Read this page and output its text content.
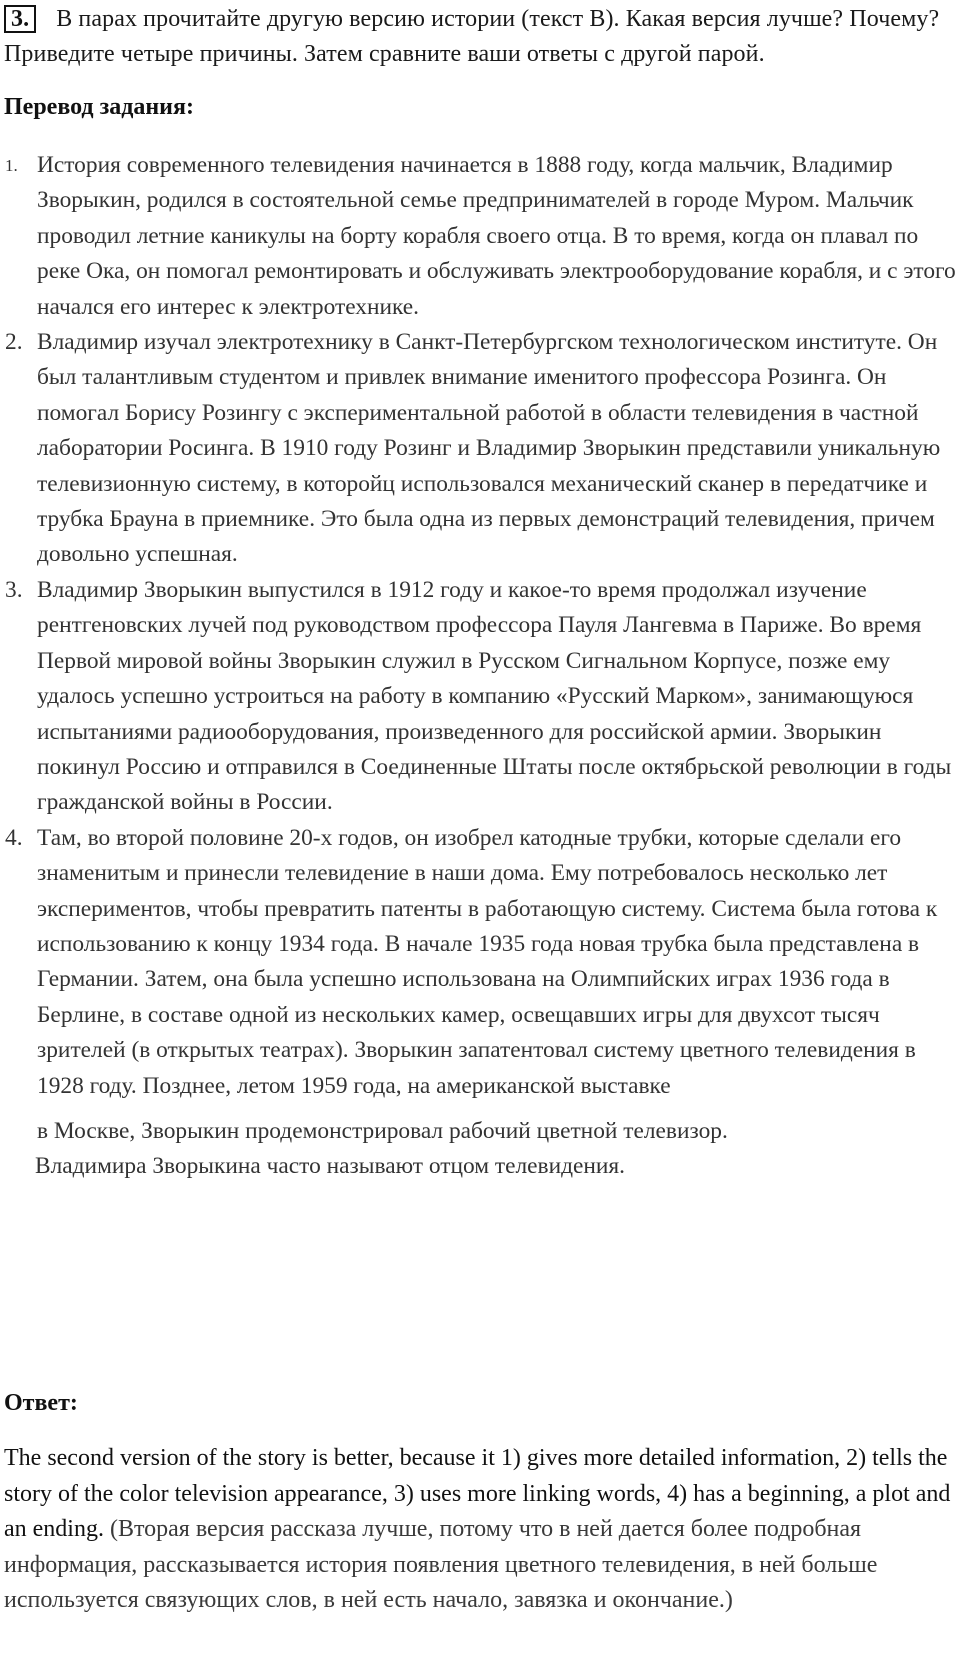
3. В парах прочитайте другую версию истории (текст В). Какая версия лучше? Почему? Приведите четыре причины. Затем сравните ваши ответы с другой парой.
Перевод задания:
1. История современного телевидения начинается в 1888 году, когда мальчик, Владимир Зворыкин, родился в состоятельной семье предпринимателей в городе Муром. Мальчик проводил летние каникулы на борту корабля своего отца. В то время, когда он плавал по реке Ока, он помогал ремонтировать и обслуживать электрооборудование корабля, и с этого начался его интерес к электротехнике.
2. Владимир изучал электротехнику в Санкт-Петербургском технологическом институте. Он был талантливым студентом и привлек внимание именитого профессора Розинга. Он помогал Борису Розингу с экспериментальной работой в области телевидения в частной лаборатории Росинга. В 1910 году Розинг и Владимир Зворыкин представили уникальную телевизионную систему, в которойц использовался механический сканер в передатчике и трубка Брауна в приемнике. Это была одна из первых демонстраций телевидения, причем довольно успешная.
3. Владимир Зворыкин выпустился в 1912 году и какое-то время продолжал изучение рентгеновских лучей под руководством профессора Пауля Лангевма в Париже. Во время Первой мировой войны Зворыкин служил в Русском Сигнальном Корпусе, позже ему удалось успешно устроиться на работу в компанию «Русский Марком», занимающуюся испытаниями радиооборудования, произведенного для российской армии. Зворыкин покинул Россию и отправился в Соединенные Штаты после октябрьской революции в годы гражданской войны в России.
4. Там, во второй половине 20-х годов, он изобрел катодные трубки, которые сделали его знаменитым и принесли телевидение в наши дома. Ему потребовалось несколько лет экспериментов, чтобы превратить патенты в работающую систему. Система была готова к использованию к концу 1934 года. В начале 1935 года новая трубка была представлена в Германии. Затем, она была успешно использована на Олимпийских играх 1936 года в Берлине, в составе одной из нескольких камер, освещавших игры для двухсот тысяч зрителей (в открытых театрах). Зворыкин запатентовал систему цветного телевидения в 1928 году. Позднее, летом 1959 года, на американской выставке
в Москве, Зворыкин продемонстрировал рабочий цветной телевизор.
Владимира Зворыкина часто называют отцом телевидения.
Ответ:
The second version of the story is better, because it 1) gives more detailed information, 2) tells the story of the color television appearance, 3) uses more linking words, 4) has a beginning, a plot and an ending. (Вторая версия рассказа лучше, потому что в ней дается более подробная информация, рассказывается история появления цветного телевидения, в ней больше используется связующих слов, в ней есть начало, завязка и окончание.)
